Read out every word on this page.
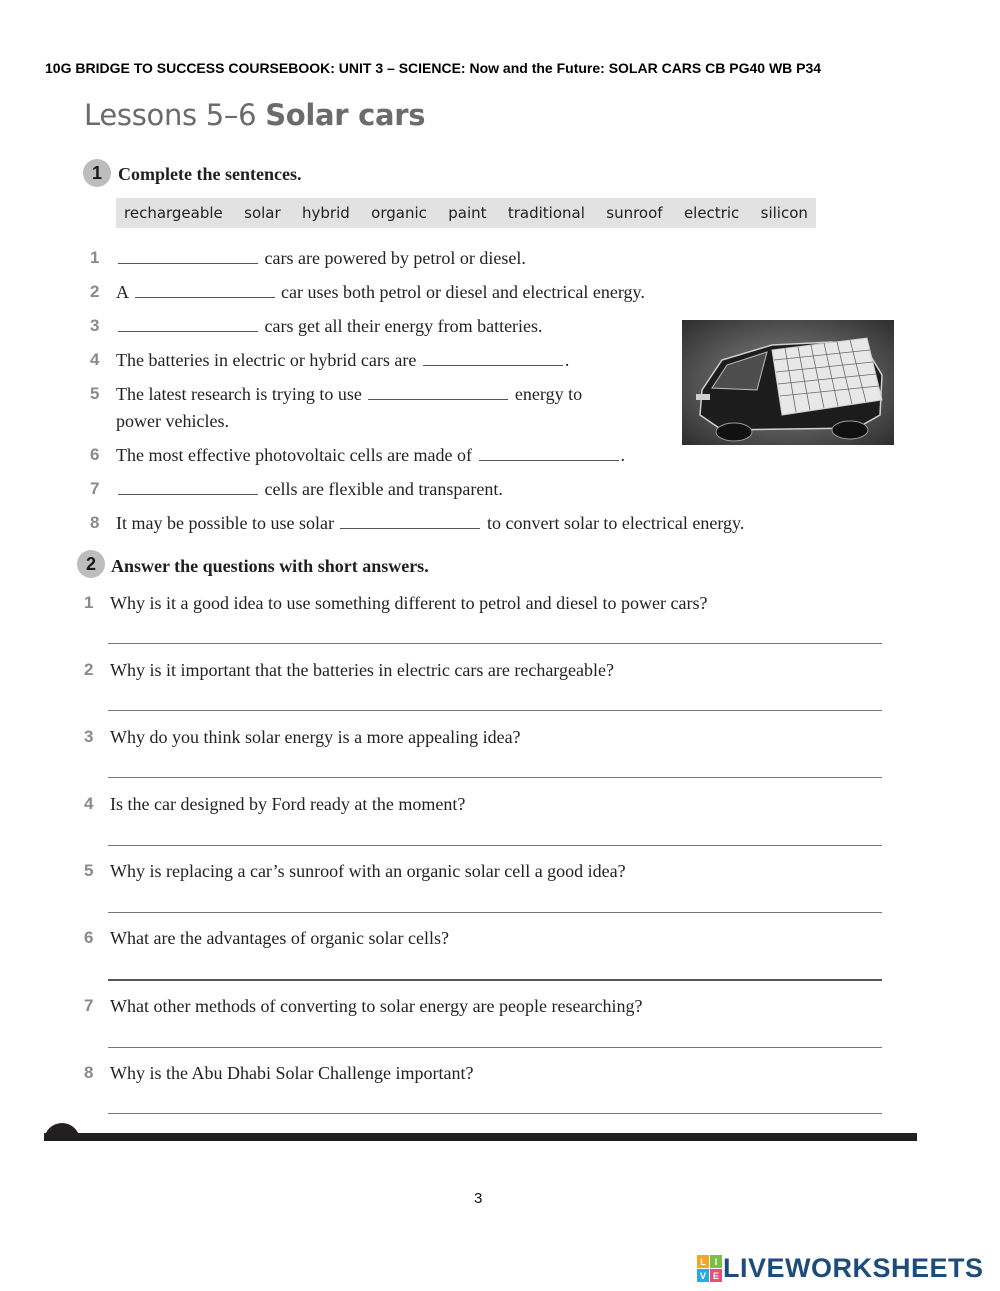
10G BRIDGE TO SUCCESS COURSEBOOK: UNIT 3 – SCIENCE: Now and the Future: SOLAR CARS CB PG40 WB P34
Lessons 5–6 Solar cars
1 Complete the sentences.
rechargeable solar hybrid organic paint traditional sunroof electric silicon
1	cars are powered by petrol or diesel.
2 A	car uses both petrol or diesel and electrical energy.
3	cars get all their energy from batteries.
4 The batteries in electric or hybrid cars are	.
5 The latest research is trying to use	energy to
power vehicles.
6 The most effective photovoltaic cells are made of	.
7	cells are flexible and transparent.
8 It may be possible to use solar	to convert solar to electrical energy.
2 Answer the questions with short answers.
1 Why is it a good idea to use something different to petrol and diesel to power cars?
2 Why is it important that the batteries in electric cars are rechargeable?
3 Why do you think solar energy is a more appealing idea?
4 Is the car designed by Ford ready at the moment?
5 Why is replacing a car’s sunroof with an organic solar cell a good idea?
6 What are the advantages of organic solar cells?
7 What other methods of converting to solar energy are people researching?
8 Why is the Abu Dhabi Solar Challenge important?
3
L I
V E LIVEWORKSHEETS
